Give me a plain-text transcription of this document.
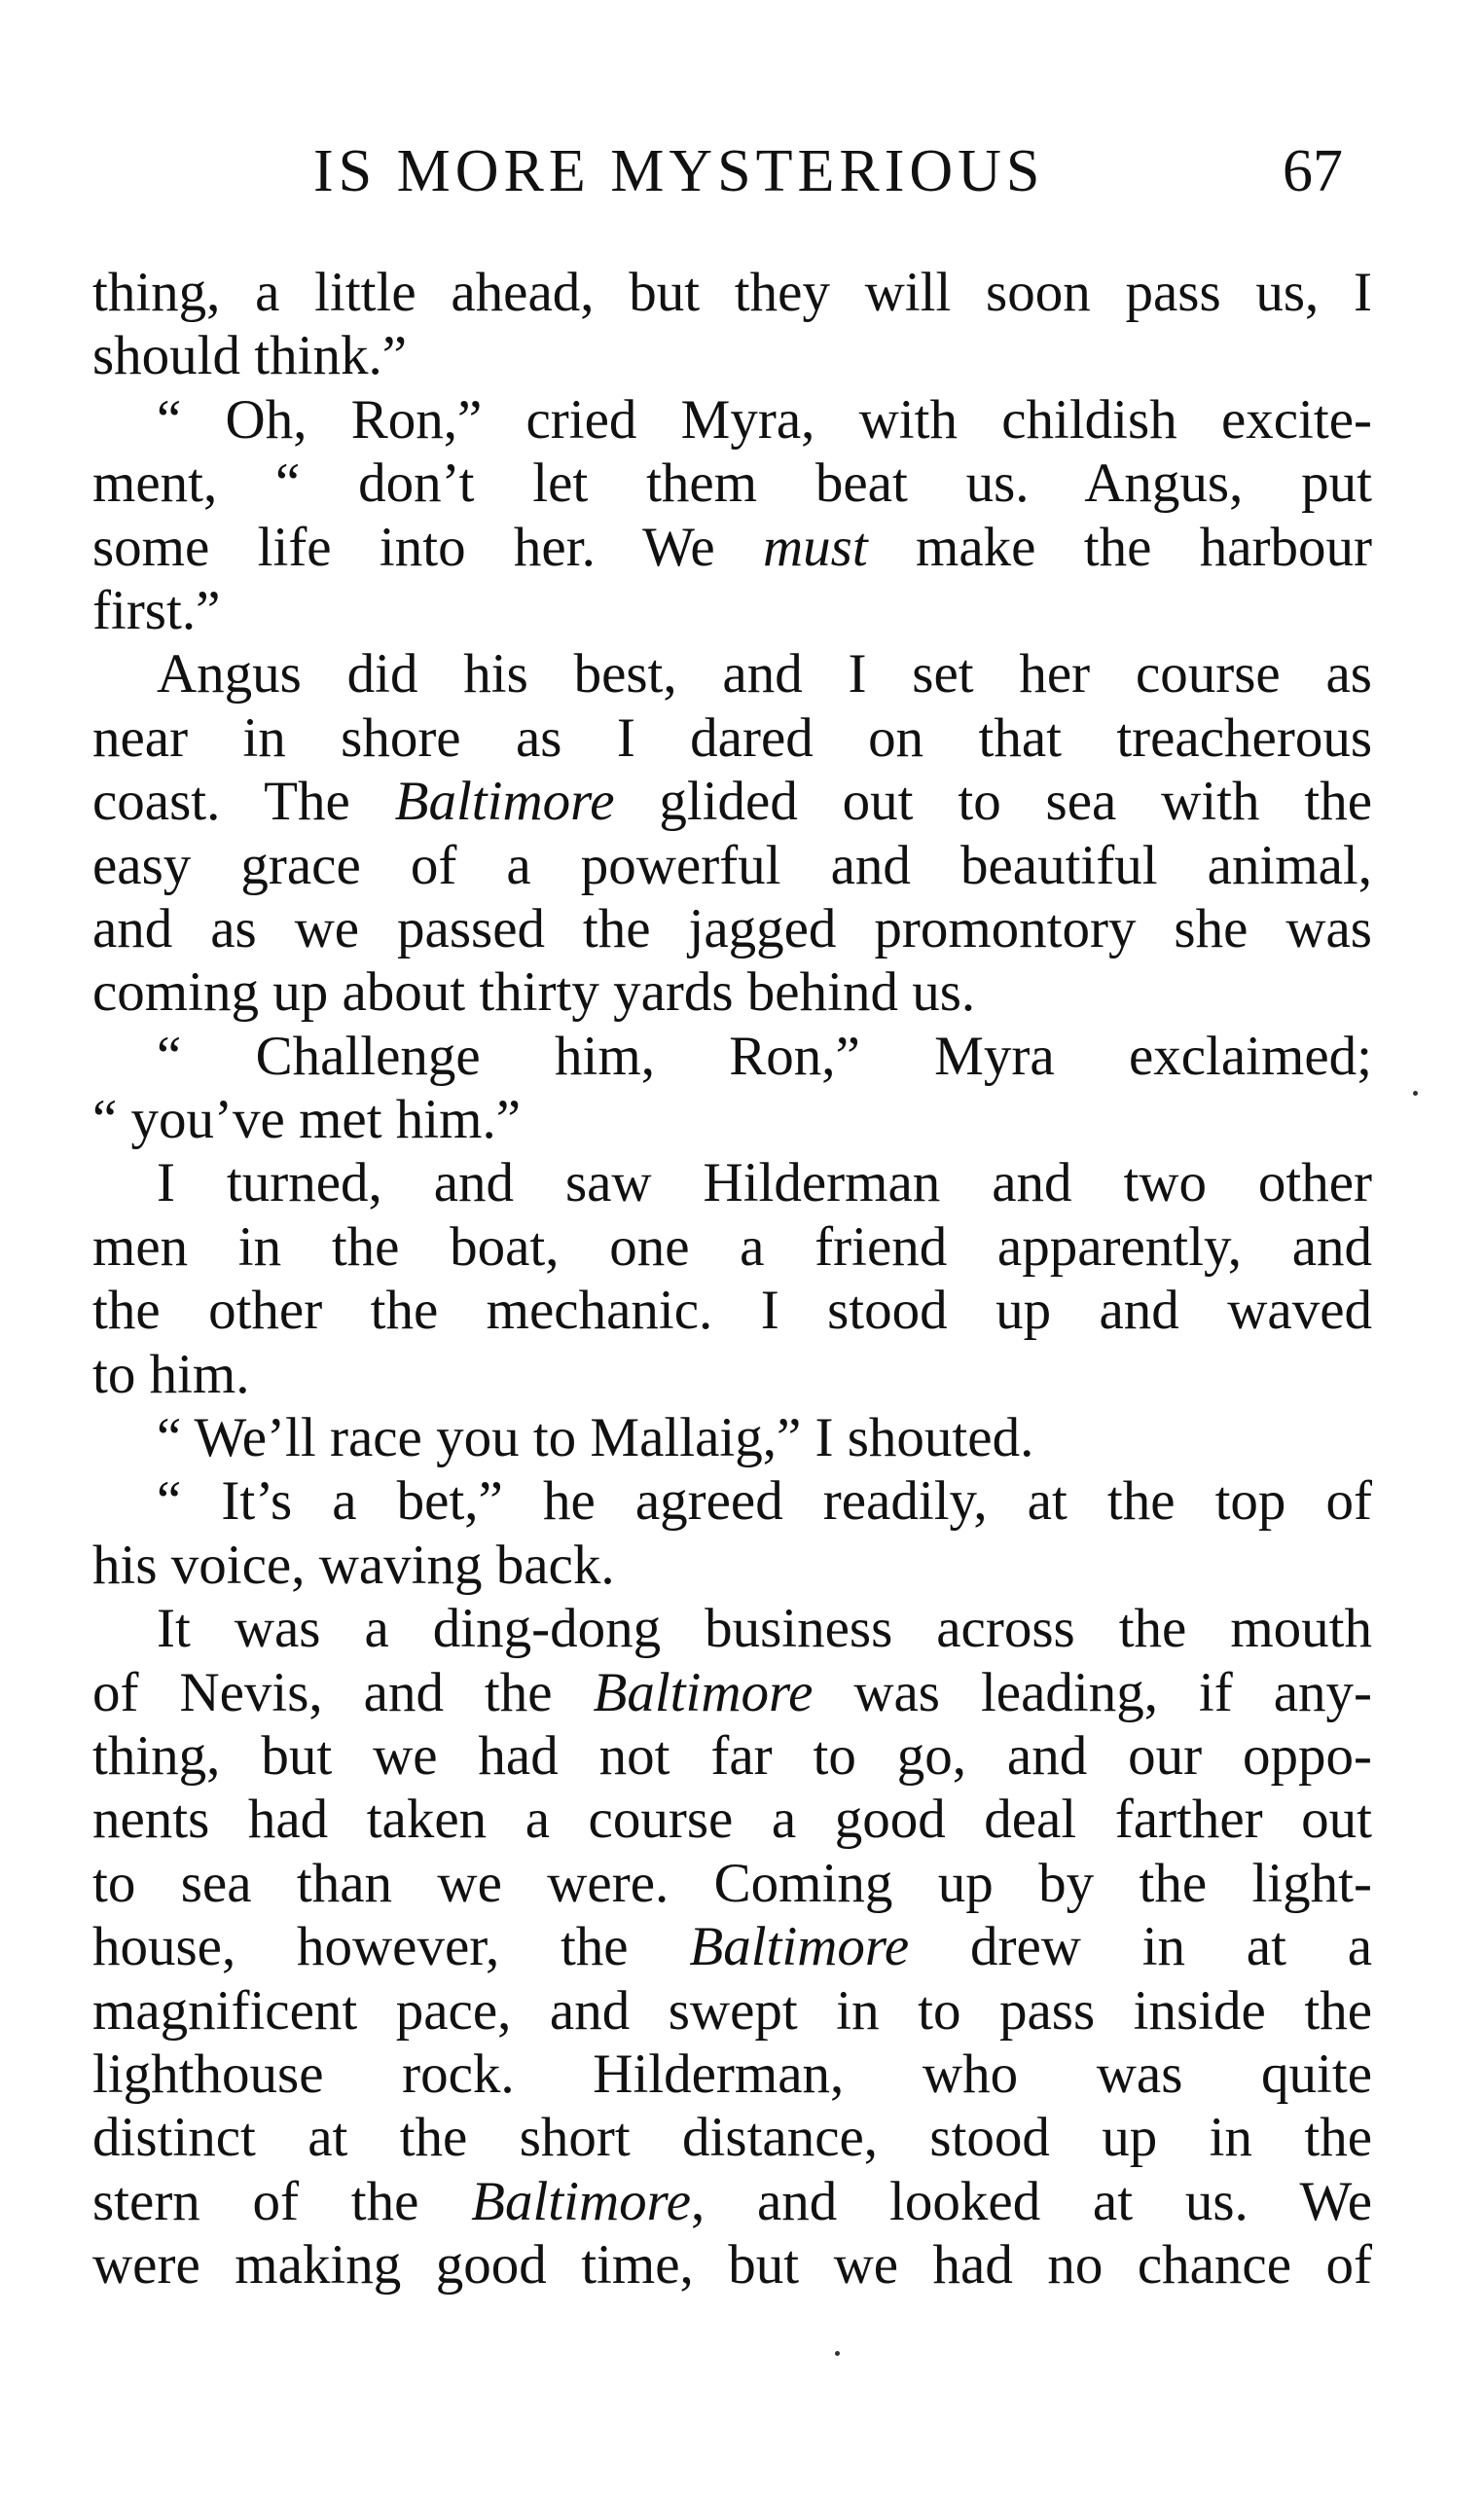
IS MORE MYSTERIOUS	67
thing, a little ahead, but they will soon pass us, I
should think.”
“ Oh, Ron,” cried Myra, with childish excite-
ment, “ don’t let them beat us. Angus, put
some life into her. We must make the harbour
first.”
Angus did his best, and I set her course as
near in shore as I dared on that treacherous
coast. The Baltimore glided out to sea with the
easy grace of a powerful and beautiful animal,
and as we passed the jagged promontory she was
coming up about thirty yards behind us.
“ Challenge him, Ron,” Myra exclaimed;
“ you’ve met him.”
I turned, and saw Hilderman and two other
men in the boat, one a friend apparently, and
the other the mechanic. I stood up and waved
to him.
“ We’ll race you to Mallaig,” I shouted.
“ It’s a bet,” he agreed readily, at the top of
his voice, waving back.
It was a ding-dong business across the mouth
of Nevis, and the Baltimore was leading, if any-
thing, but we had not far to go, and our oppo-
nents had taken a course a good deal farther out
to sea than we were. Coming up by the light-
house, however, the Baltimore drew in at a
magnificent pace, and swept in to pass inside the
lighthouse rock. Hilderman, who was quite
distinct at the short distance, stood up in the
stern of the Baltimore, and looked at us. We
were making good time, but we had no chance of
